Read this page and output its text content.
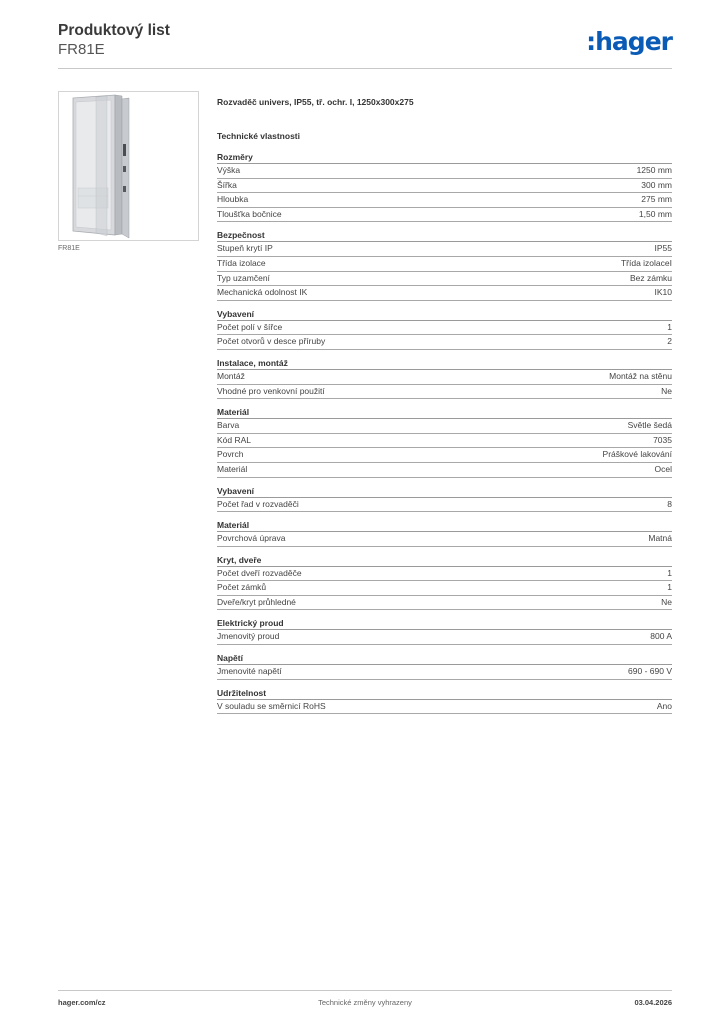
Produktový list
FR81E	:hager
FR81E
Rozvaděč univers, IP55, tř. ochr. I, 1250x300x275
Technické vlastnosti
Rozměry
Výška	1250 mm
Šířka	300 mm
Hloubka	275 mm
Tloušťka bočnice	1,50 mm
Bezpečnost
Stupeň krytí IP	IP55
Třída izolace	Třída izolaceI
Typ uzamčení	Bez zámku
Mechanická odolnost IK	IK10
Vybavení
Počet polí v šířce	1
Počet otvorů v desce příruby	2
Instalace, montáž
Montáž	Montáž na stěnu
Vhodné pro venkovní použití	Ne
Materiál
Barva	Světle šedá
Kód RAL	7035
Povrch	Práškové lakování
Materiál	Ocel
Vybavení
Počet řad v rozvaděči	8
Materiál
Povrchová úprava	Matná
Kryt, dveře
Počet dveří rozvaděče	1
Počet zámků	1
Dveře/kryt průhledné	Ne
Elektrický proud
Jmenovitý proud	800 A
Napětí
Jmenovité napětí	690 - 690 V
Udržitelnost
V souladu se směrnicí RoHS	Ano
hager.com/cz	Technické změny vyhrazeny	03.04.2026
